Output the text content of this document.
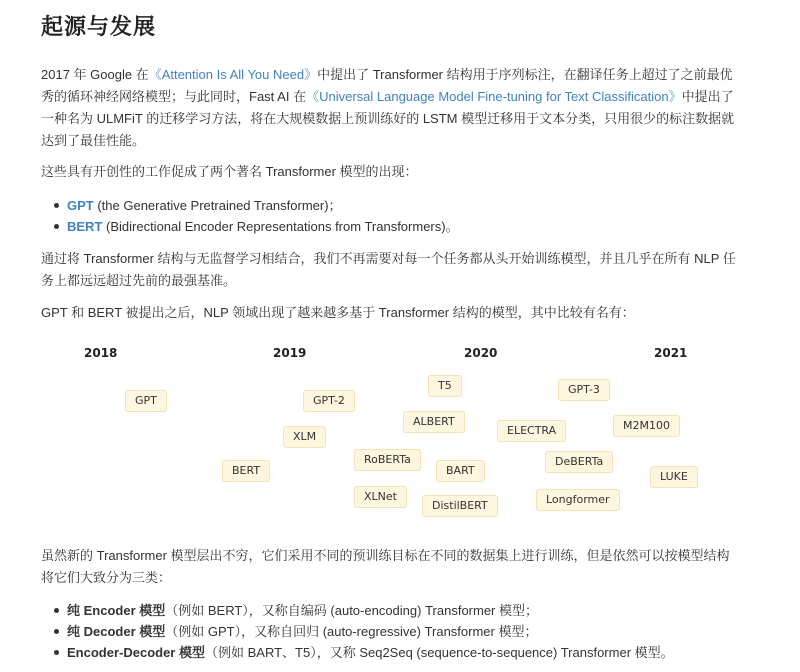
起源与发展

2017 年 Google 在《Attention Is All You Need》中提出了 Transformer 结构用于序列标注，在翻译任务上超过了之前最优秀的循环神经网络模型；与此同时，Fast AI 在《Universal Language Model Fine-tuning for Text Classification》中提出了一种名为 ULMFiT 的迁移学习方法，将在大规模数据上预训练好的 LSTM 模型迁移用于文本分类，只用很少的标注数据就达到了最佳性能。

这些具有开创性的工作促成了两个著名 Transformer 模型的出现：

GPT (the Generative Pretrained Transformer)；
BERT (Bidirectional Encoder Representations from Transformers)。

通过将 Transformer 结构与无监督学习相结合，我们不再需要对每一个任务都从头开始训练模型，并且几乎在所有 NLP 任务上都远远超过先前的最强基准。

GPT 和 BERT 被提出之后，NLP 领域出现了越来越多基于 Transformer 结构的模型，其中比较有名有：

2018	2019	2020	2021
GPT
BERT
GPT-2
XLM
RoBERTa
XLNet
T5
ALBERT
BART
DistilBERT
ELECTRA
GPT-3
DeBERTa
Longformer
M2M100
LUKE

虽然新的 Transformer 模型层出不穷，它们采用不同的预训练目标在不同的数据集上进行训练，但是依然可以按模型结构将它们大致分为三类：

纯 Encoder 模型（例如 BERT），又称自编码 (auto-encoding) Transformer 模型；
纯 Decoder 模型（例如 GPT），又称自回归 (auto-regressive) Transformer 模型；
Encoder-Decoder 模型（例如 BART、T5），又称 Seq2Seq (sequence-to-sequence) Transformer 模型。
